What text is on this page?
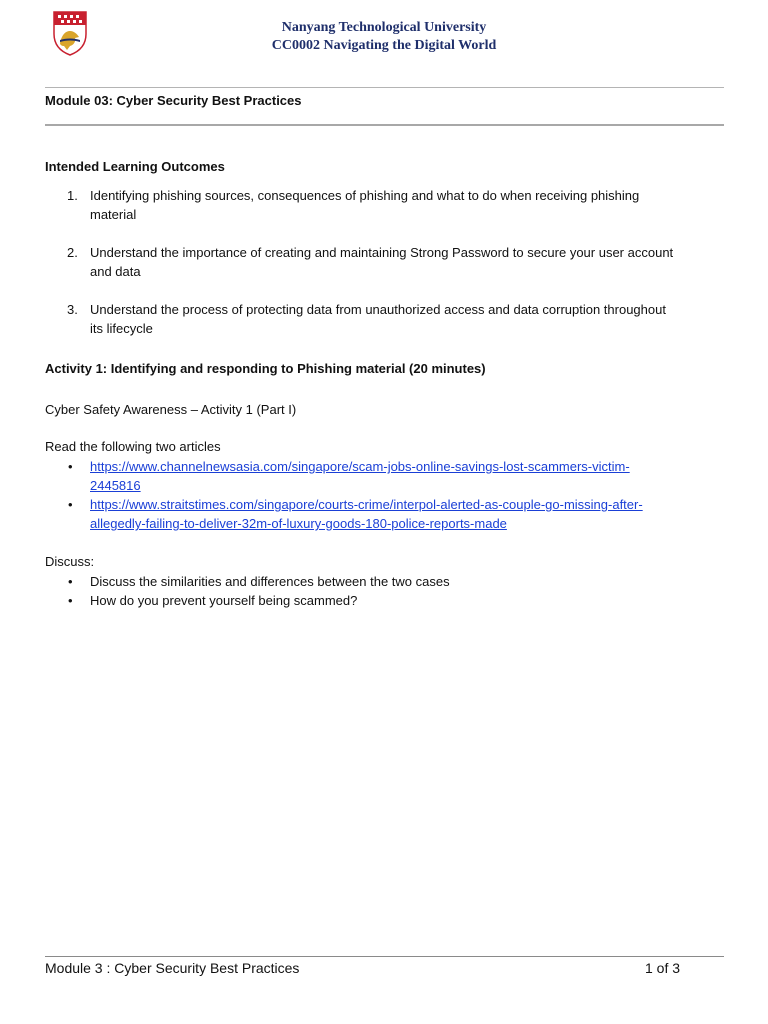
Nanyang Technological University
CC0002 Navigating the Digital World
Module 03: Cyber Security Best Practices
Intended Learning Outcomes
1. Identifying phishing sources, consequences of phishing and what to do when receiving phishing
material
2. Understand the importance of creating and maintaining Strong Password to secure your user account
and data
3. Understand the process of protecting data from unauthorized access and data corruption throughout
its lifecycle
Activity 1: Identifying and responding to Phishing material (20 minutes)
Cyber Safety Awareness – Activity 1 (Part I)
Read the following two articles
• https://www.channelnewsasia.com/singapore/scam-jobs-online-savings-lost-scammers-victim-
2445816
• https://www.straitstimes.com/singapore/courts-crime/interpol-alerted-as-couple-go-missing-after-
allegedly-failing-to-deliver-32m-of-luxury-goods-180-police-reports-made
Discuss:
• Discuss the similarities and differences between the two cases
• How do you prevent yourself being scammed?
Module 3 : Cyber Security Best Practices	1 of 3
